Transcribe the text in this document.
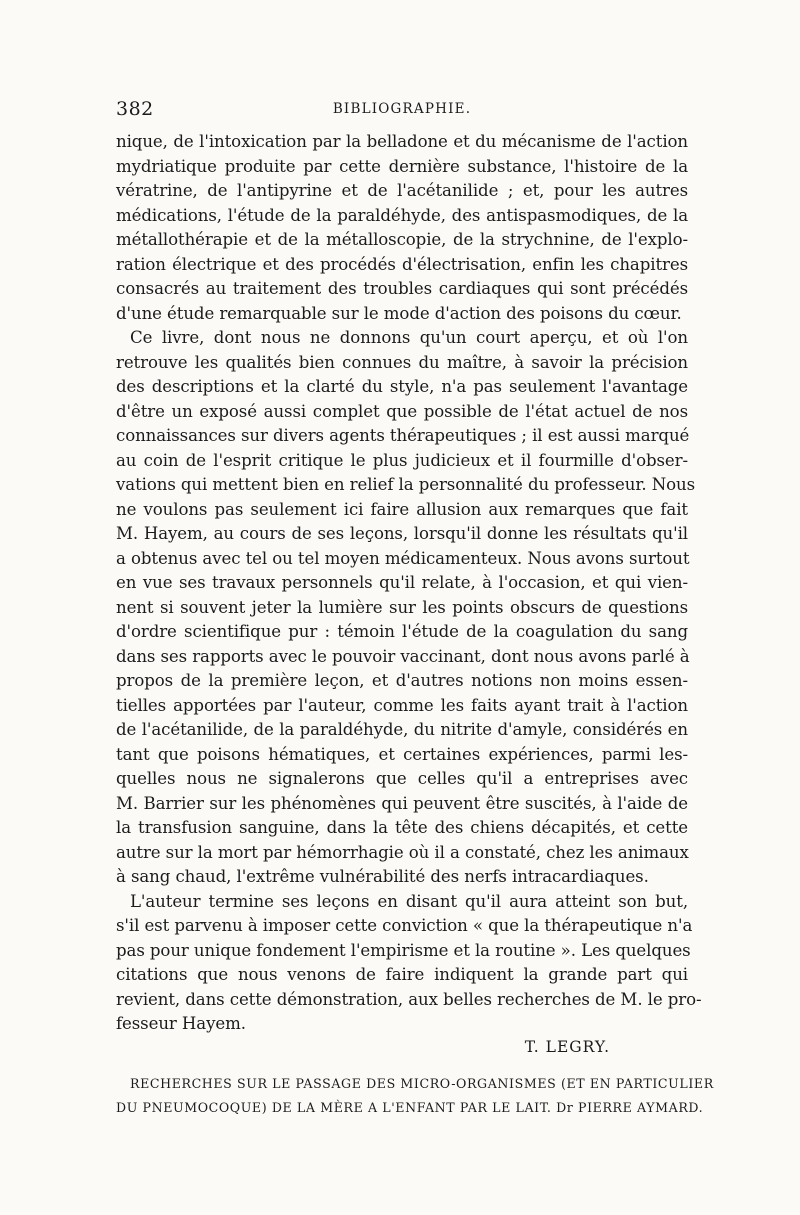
382	BIBLIOGRAPHIE.
nique, de l'intoxication par la belladone et du mécanisme de l'action
mydriatique produite par cette dernière substance, l'histoire de la
vératrine, de l'antipyrine et de l'acétanilide ; et, pour les autres
médications, l'étude de la paraldéhyde, des antispasmodiques, de la
métallothérapie et de la métalloscopie, de la strychnine, de l'explo-
ration électrique et des procédés d'électrisation, enfin les chapitres
consacrés au traitement des troubles cardiaques qui sont précédés
d'une étude remarquable sur le mode d'action des poisons du cœur.
Ce livre, dont nous ne donnons qu'un court aperçu, et où l'on
retrouve les qualités bien connues du maître, à savoir la précision
des descriptions et la clarté du style, n'a pas seulement l'avantage
d'être un exposé aussi complet que possible de l'état actuel de nos
connaissances sur divers agents thérapeutiques ; il est aussi marqué
au coin de l'esprit critique le plus judicieux et il fourmille d'obser-
vations qui mettent bien en relief la personnalité du professeur. Nous
ne voulons pas seulement ici faire allusion aux remarques que fait
M. Hayem, au cours de ses leçons, lorsqu'il donne les résultats qu'il
a obtenus avec tel ou tel moyen médicamenteux. Nous avons surtout
en vue ses travaux personnels qu'il relate, à l'occasion, et qui vien-
nent si souvent jeter la lumière sur les points obscurs de questions
d'ordre scientifique pur : témoin l'étude de la coagulation du sang
dans ses rapports avec le pouvoir vaccinant, dont nous avons parlé à
propos de la première leçon, et d'autres notions non moins essen-
tielles apportées par l'auteur, comme les faits ayant trait à l'action
de l'acétanilide, de la paraldéhyde, du nitrite d'amyle, considérés en
tant que poisons hématiques, et certaines expériences, parmi les-
quelles nous ne signalerons que celles qu'il a entreprises avec
M. Barrier sur les phénomènes qui peuvent être suscités, à l'aide de
la transfusion sanguine, dans la tête des chiens décapités, et cette
autre sur la mort par hémorrhagie où il a constaté, chez les animaux
à sang chaud, l'extrême vulnérabilité des nerfs intracardiaques.
L'auteur termine ses leçons en disant qu'il aura atteint son but,
s'il est parvenu à imposer cette conviction « que la thérapeutique n'a
pas pour unique fondement l'empirisme et la routine ». Les quelques
citations que nous venons de faire indiquent la grande part qui
revient, dans cette démonstration, aux belles recherches de M. le pro-
fesseur Hayem.
T. LEGRY.
RECHERCHES SUR LE PASSAGE DES MICRO-ORGANISMES (ET EN PARTICULIER
DU PNEUMOCOQUE) DE LA MÈRE A L'ENFANT PAR LE LAIT. Dr PIERRE AYMARD.
